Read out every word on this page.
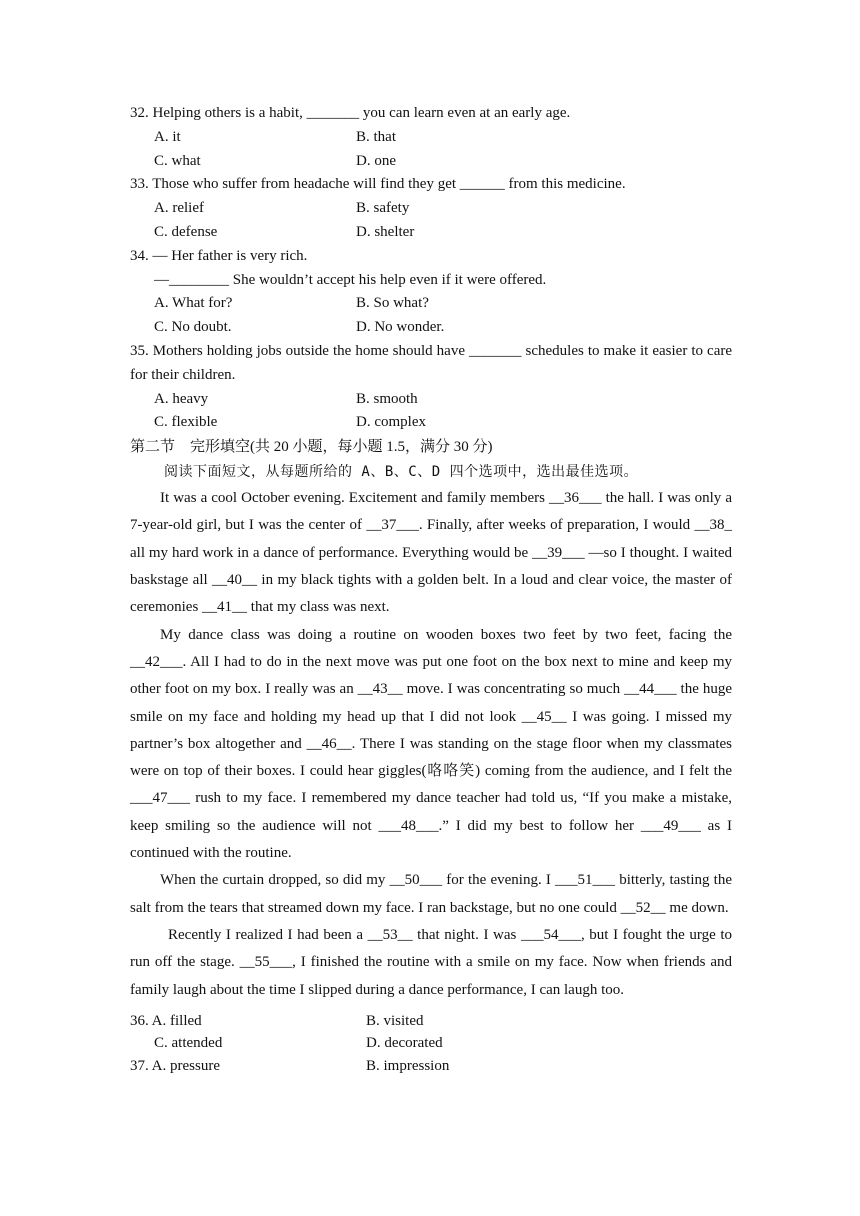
32. Helping others is a habit, _______ you can learn even at an early age.
A. it	B. that
C. what	D. one
33. Those who suffer from headache will find they get ______ from this medicine.
A. relief	B. safety
C. defense	D. shelter
34. — Her father is very rich.
—________ She wouldn’t accept his help even if it were offered.
A. What for?	B. So what?
C. No doubt.	D. No wonder.
35. Mothers holding jobs outside the home should have _______ schedules to make it easier to care for their children.
A. heavy	B. smooth
C. flexible	D. complex
第二节　完形填空(共 20 小题，每小题 1.5，满分 30 分)
阅读下面短文，从每题所给的 A、B、C、D 四个选项中，选出最佳选项。

It was a cool October evening. Excitement and family members __36___ the hall. I was only a 7-year-old girl, but I was the center of __37___. Finally, after weeks of preparation, I would __38_ all my hard work in a dance of performance. Everything would be __39___ —so I thought. I waited baskstage all __40__ in my black tights with a golden belt. In a loud and clear voice, the master of ceremonies __41__ that my class was next.

My dance class was doing a routine on wooden boxes two feet by two feet, facing the __42___. All I had to do in the next move was put one foot on the box next to mine and keep my other foot on my box. I really was an __43__ move. I was concentrating so much __44___ the huge smile on my face and holding my head up that I did not look __45__ I was going. I missed my partner’s box altogether and __46__. There I was standing on the stage floor when my classmates were on top of their boxes. I could hear giggles(咯咯笑) coming from the audience, and I felt the ___47___ rush to my face. I remembered my dance teacher had told us, “If you make a mistake, keep smiling so the audience will not ___48___.” I did my best to follow her ___49___ as I continued with the routine.

When the curtain dropped, so did my __50___ for the evening. I ___51___ bitterly, tasting the salt from the tears that streamed down my face. I ran backstage, but no one could __52__ me down.

Recently I realized I had been a __53__ that night. I was ___54___, but I fought the urge to run off the stage. __55___, I finished the routine with a smile on my face. Now when friends and family laugh about the time I slipped during a dance performance, I can laugh too.

36. A. filled	B. visited
C. attended	D. decorated
37. A. pressure	B. impression
